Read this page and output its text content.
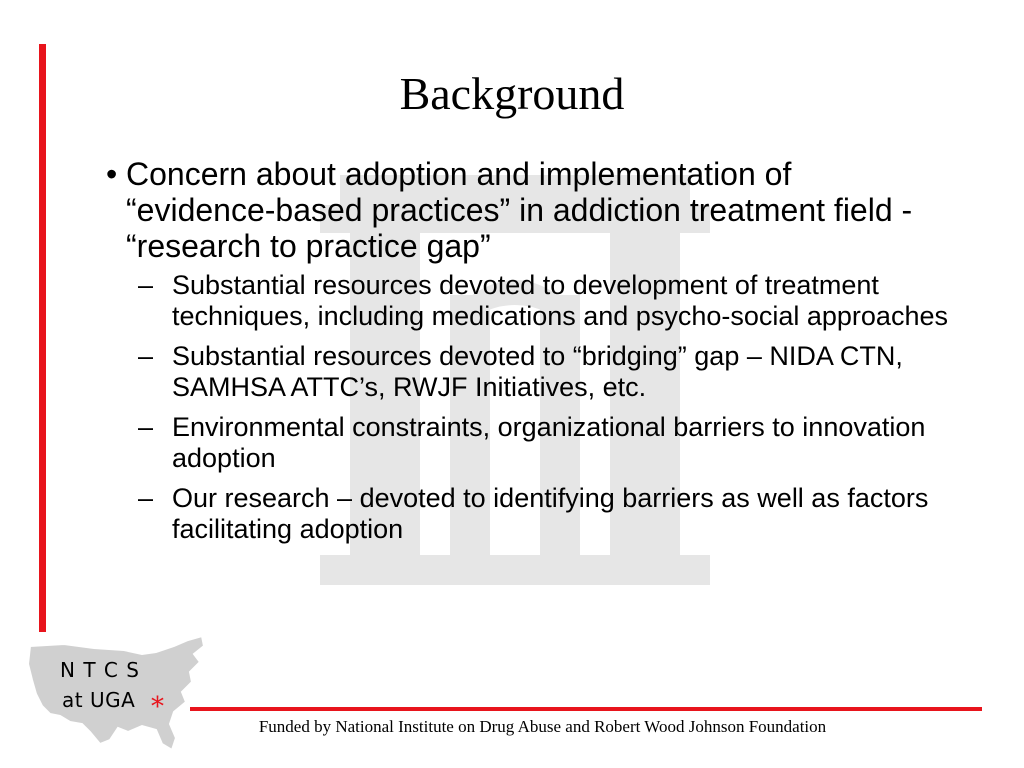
Background
• Concern about adoption and implementation of “evidence-based practices” in addiction treatment field - “research to practice gap”
– Substantial resources devoted to development of treatment techniques, including medications and psycho-social approaches
– Substantial resources devoted to “bridging” gap – NIDA CTN, SAMHSA ATTC’s, RWJF Initiatives, etc.
– Environmental constraints, organizational barriers to innovation adoption
– Our research – devoted to identifying barriers as well as factors facilitating adoption
N T C S
at UGA *
Funded by National Institute on Drug Abuse and Robert Wood Johnson Foundation
